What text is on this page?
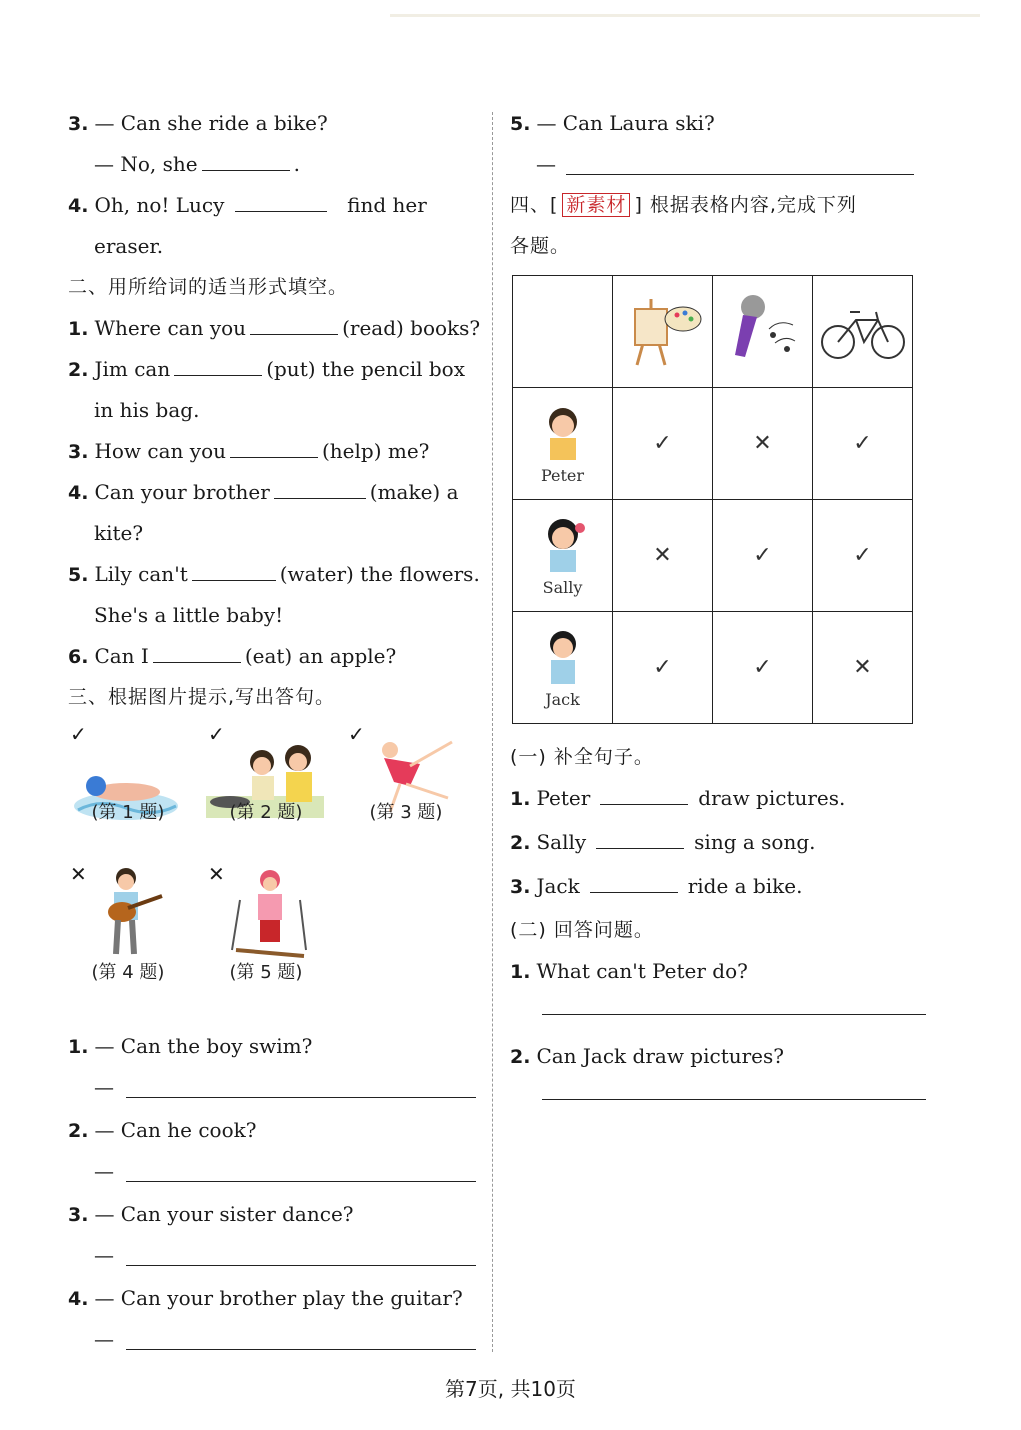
3. — Can she ride a bike?
— No, she	.
4. Oh, no! Lucy	find her
eraser.
二、用所给词的适当形式填空。
1. Where can you	(read) books?
2. Jim can	(put) the pencil box
in his bag.
3. How can you	(help) me?
4. Can your brother	(make) a
kite?
5. Lily can't	(water) the flowers.
She's a little baby!
6. Can I	(eat) an apple?
三、根据图片提示,写出答句。
✓
(第 1 题)
✓
(第 2 题)
✓
(第 3 题)
✕
(第 4 题)
✕
(第 5 题)
1. — Can the boy swim?
—
2. — Can he cook?
—
3. — Can your sister dance?
—
4. — Can your brother play the guitar?
—
5. — Can Laura ski?
—
四、[ 新素材 ] 根据表格内容,完成下列
各题。

Peter	✓	✕	✓

Sally	✕	✓	✓

Jack	✓	✓	✕
(一) 补全句子。
1. Peter	draw pictures.
2. Sally	sing a song.
3. Jack	ride a bike.
(二) 回答问题。
1. What can't Peter do?
2. Can Jack draw pictures?
第7页, 共10页
